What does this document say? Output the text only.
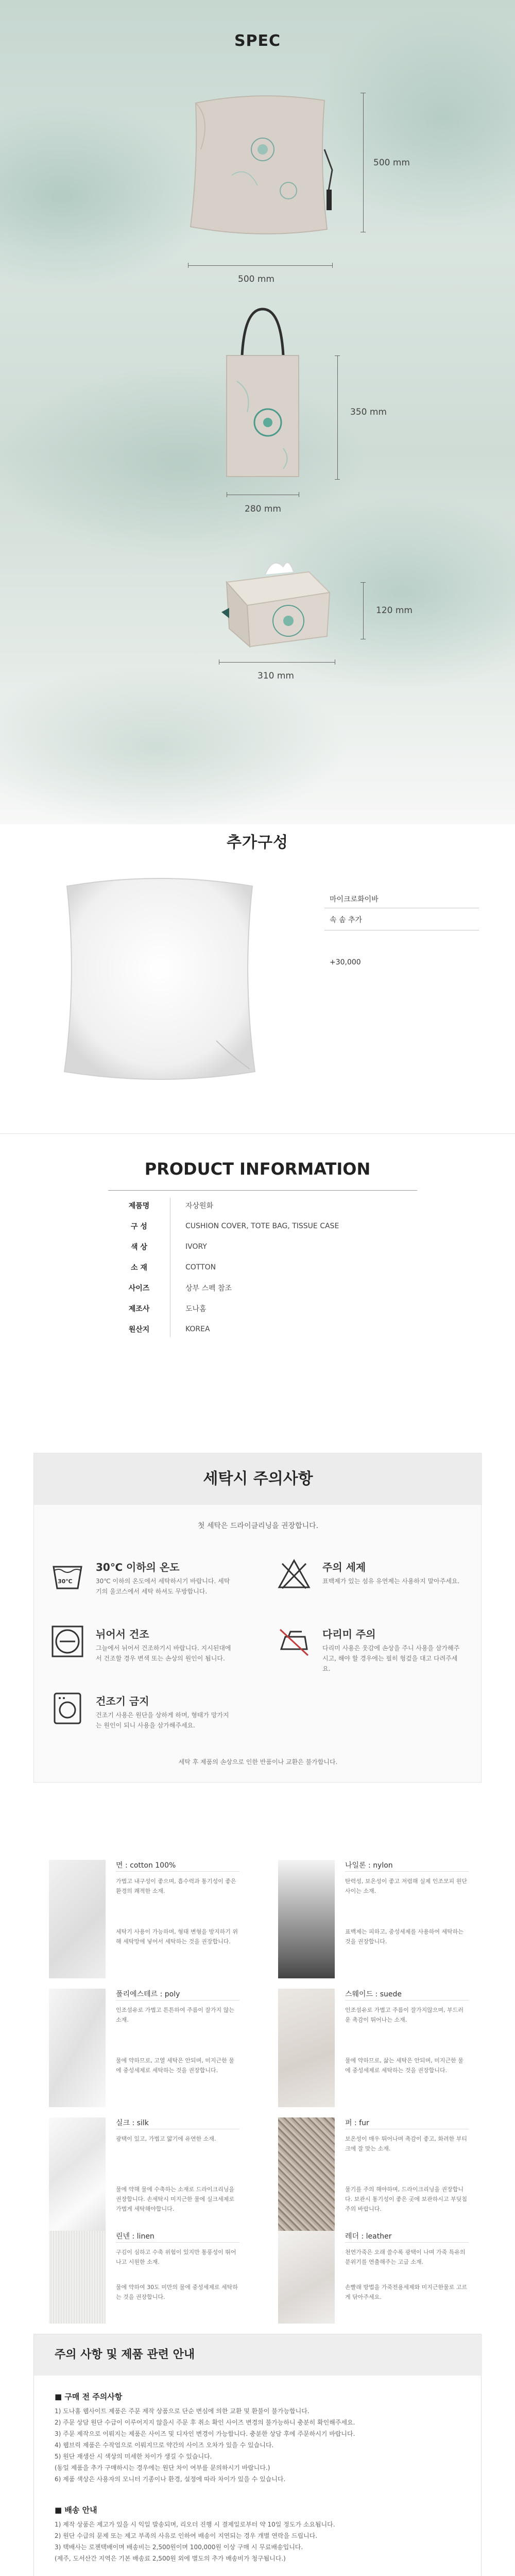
SPEC
500 mm
500 mm
350 mm
280 mm
120 mm
310 mm
추가구성
마이크로화이바
속 솜 추가
+30,000
PRODUCT INFORMATION
제품명	자상원화
구 성	CUSHION COVER, TOTE BAG, TISSUE CASE
색 상	IVORY
소 재	COTTON
사이즈	상부 스펙 참조
제조사	도나홈
원산지	KOREA
세탁시 주의사항
첫 세탁은 드라이클리닝을 권장합니다.
30℃
30℃ 이하의 온도
30℃ 이하의 온도에서 세탁하시기 바랍니다. 세탁기의 울코스에서 세탁 하셔도 무방합니다.
주의 세제
표백제가 있는 섬유 유연제는 사용하지 말아주세요.
뉘어서 건조
그늘에서 뉘어서 건조하기시 바랍니다. 지시된대에서 건조할 경우 변색 또는 손상의 원인이 됩니다.
다리미 주의
다리미 사용은 웃감에 손상을 주니 사용을 삼가해주시고, 해야 할 경우에는 필히 헝겊을 대고 다려주세요.
건조기 금지
건조기 사용은 원단을 상하게 하며, 형태가 망가지는 원인이 되니 사용을 삼가해주세요.
세탁 후 제품의 손상으로 인한 반품이나 교환은 불가합니다.
면 : cotton 100%
가볍고 내구성이 좋으며, 흡수력과 통기성이 좋은 환경의 쾌적한 소재.
세탁기 사용이 가능하며, 형태 변형을 방지하기 위해 세탁망에 넣어서 세탁하는 것을 권장합니다.
나일론 : nylon
탄력성, 보온성이 좋고 저렴해 실제 인조모피 원단 사이는 소재.
표백제는 피하고, 중성세제를 사용하여 세탁하는 것을 권장합니다.
폴리에스테르 : poly
인조섬유로 가볍고 튼튼하여 주름이 잘가지 않는 소재.
물에 약하므로, 고열 세탁은 안되며, 미지근한 물에 중성세제로 세탁하는 것을 권장합니다.
스웨이드 : suede
인조섬유로 가볍고 주름이 잘가지않으며, 부드러운 촉감이 뛰어나는 소재.
물에 약하므로, 삶는 세탁은 안되며, 미지근한 물에 중성세제로 세탁하는 것을 권장합니다.
실크 : silk
광택이 있고, 가볍고 얇기에 유연한 소재.
물에 약해 물에 수축하는 소재로 드라이크리닝을 권장합니다. 손세탁시 미지근한 물에 실크세제로 가볍게 세탁해야합니다.
퍼 : fur
보온성이 매우 뛰어나며 촉감이 좋고, 화려한 부티크에 잘 맞는 소재.
물기를 주의 해야하며, 드라이크리닝을 권장합니다. 보관시 통기성이 좋은 곳에 보관하시고 부딪침 주의 바랍니다.
린넨 : linen
구김이 심하고 수축 위험이 있지만 통풍성이 뛰어나고 시원한 소재.
물에 약하여 30도 미만의 물에 중성세제로 세탁하는 것을 권장합니다.
레더 : leather
천연가죽은 오래 쓸수록 광택이 나며 가죽 특유의 분위기를 연출해주는 고급 소재.
손빨래 방법을 가죽전용세제와 미지근한물로 고르게 닦아주세요.
주의 사항 및 제품 관련 안내
■ 구매 전 주의사항
1) 도나홈 웹사이트 제품은 주문 제작 상품으로 단순 변심에 의한 교환 및 환불이 불가능합니다.
2) 주문 상담 원단 수급이 이루어지지 않을시 주문 후 취소 확인 사이즈 변경의 불가능하니 충분히 확인해주세요.
3) 주문 제작으로 이뤄지는 제품은 사이즈 및 디자인 변경이 가능합니다. 충분한 상담 후에 주문하시기 바랍니다.
4) 웹브릭 제품은 수작업으로 이뤄지므로 약간의 사이즈 오차가 있을 수 있습니다.
5) 원단 재생산 시 색상의 미세한 차이가 생길 수 있습니다.
(동일 제품을 추가 구매하시는 경우에는 원단 차이 여부를 문의하시기 바랍니다.)
6) 제품 색상은 사용자의 모니터 기종이나 환경, 설정에 따라 차이가 있을 수 있습니다.
■ 배송 안내
1) 제작 상품은 제고가 있을 시 익일 발송되며, 리오더 진행 시 결제일로부터 약 10일 정도가 소요됩니다.
2) 원단 수급의 문제 또는 제고 부족의 사유로 인하여 배송이 지연되는 경우 개별 연락을 드립니다.
3) 택배사는 로젠택배이며 배송비는 2,500원이며 100,000원 이상 구매 시 무료배송입니다.
(제주, 도서산간 지역은 기본 배송료 2,500원 외에 별도의 추가 배송비가 청구됩니다.)
